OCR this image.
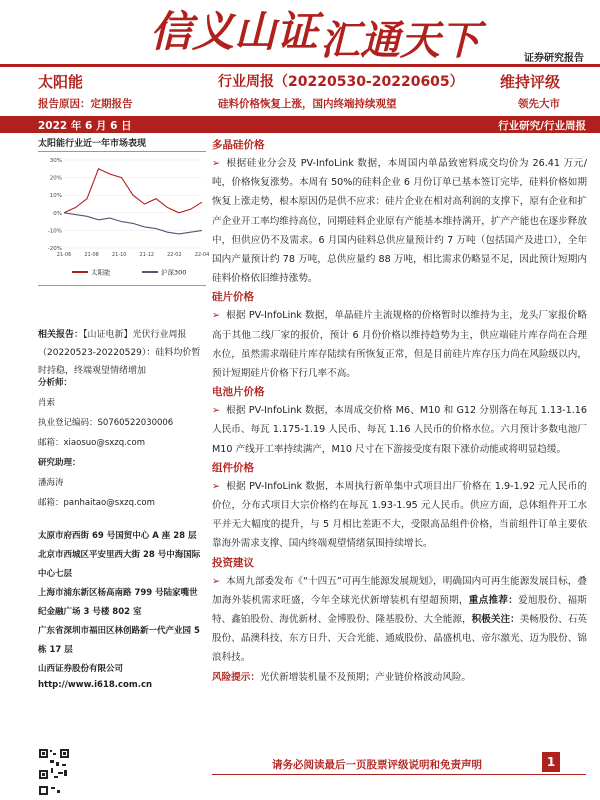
信义山证 汇通天下	证券研究报告
太阳能	行业周报（20220530-20220605） 维持评级
报告原因：定期报告	硅料价格恢复上涨，国内终端持续观望	领先大市
2022 年 6 月 6 日	行业研究/行业周报
太阳能行业近一年市场表现
30%
20%
10%
0%
-10%
-20%
21-06	21-08	21-10	21-12	22-02	22-04
太阳能	沪深300
相关报告：【山证电新】光伏行业周报（20220523-20220529）：硅料均价暂时持稳，终端观望情绪增加
分析师：
肖索
执业登记编码：S0760522030006
邮箱：xiaosuo@sxzq.com
研究助理：
潘海涛
邮箱：panhaitao@sxzq.com
太原市府西街 69 号国贸中心 A 座 28 层
北京市西城区平安里西大街 28 号中海国际中心七层
上海市浦东新区杨高南路 799 号陆家嘴世纪金融广场 3 号楼 802 室
广东省深圳市福田区林创路新一代产业园 5 栋 17 层
山西证券股份有限公司
http://www.i618.com.cn
多晶硅价格

➢ 根据硅业分会及 PV-InfoLink 数据，本周国内单晶致密料成交均价为 26.41 万元/吨，价格恢复涨势。本周有 50%的硅料企业 6 月份订单已基本签订完毕，硅料价格如期恢复上涨走势，根本原因仍是供不应求：硅片企业在相对高利润的支撑下，原有企业和扩产企业开工率均维持高位，同期硅料企业原有产能基本维持满开，扩产产能也在逐步释放中，但供应仍不及需求。6 月国内硅料总供应量预计约 7 万吨（包括国产及进口），全年国内产量预计约 78 万吨，总供应量约 88 万吨，相比需求仍略显不足，因此预计短期内硅料价格依旧维持涨势。

硅片价格

➢ 根据 PV-InfoLink 数据，单晶硅片主流规格的价格暂时以维持为主，龙头厂家报价略高于其他二线厂家的报价，预计 6 月份价格以维持趋势为主，供应端硅片库存尚在合理水位，虽然需求端硅片库存陆续有所恢复正常，但是目前硅片库存压力尚在风险级以内，预计短期硅片价格下行几率不高。

电池片价格

➢ 根据 PV-InfoLink 数据，本周成交价格 M6、M10 和 G12 分别落在每瓦 1.13-1.16 人民币、每瓦 1.175-1.19 人民币、每瓦 1.16 人民币的价格水位。六月预计多数电池厂 M10 产线开工率持续满产，M10 尺寸在下游接受度有限下涨价动能或将明显趋缓。

组件价格

➢ 根据 PV-InfoLink 数据，本周执行新单集中式项目出厂价格在 1.9-1.92 元人民币的价位，分布式项目大宗价格约在每瓦 1.93-1.95 元人民币。供应方面，总体组件开工水平并无大幅度的提升，与 5 月相比差距不大，受限高品组件价格，当前组件订单主要依靠海外需求支撑、国内终端观望情绪氛围持续增长。

投资建议

➢ 本周九部委发布《“十四五”可再生能源发展规划》，明确国内可再生能源发展目标，叠加海外装机需求旺盛，今年全球光伏新增装机有望超预期，重点推荐：爱旭股份、福斯特、鑫铂股份、海优新材、金博股份、隆基股份、大全能源，积极关注：美畅股份、石英股份、晶澳科技、东方日升、天合光能、通威股份、晶盛机电、帝尔激光、迈为股份、锦浪科技。

风险提示：光伏新增装机量不及预期；产业链价格波动风险。

请务必阅读最后一页股票评级说明和免责声明	1
